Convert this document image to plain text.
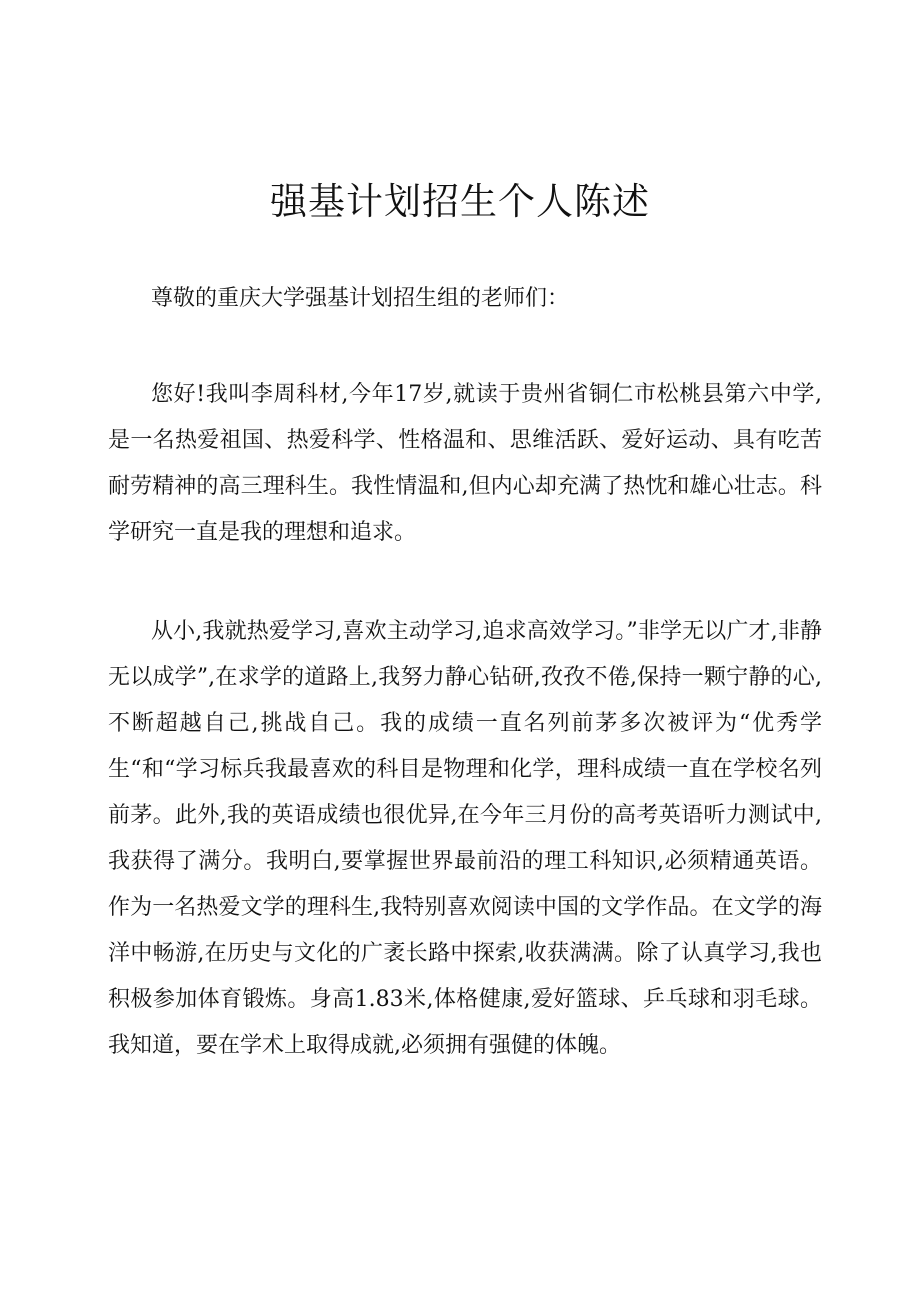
强基计划招生个人陈述

尊敬的重庆大学强基计划招生组的老师们：

您好!我叫李周科材,今年17岁,就读于贵州省铜仁市松桃县第六中学,是一名热爱祖国、热爱科学、性格温和、思维活跃、爱好运动、具有吃苦耐劳精神的高三理科生。我性情温和,但内心却充满了热忱和雄心壮志。科学研究一直是我的理想和追求。

从小,我就热爱学习,喜欢主动学习,追求高效学习。”非学无以广才,非静无以成学”,在求学的道路上,我努力静心钻研,孜孜不倦,保持一颗宁静的心,不断超越自己,挑战自己。我的成绩一直名列前茅多次被评为“优秀学生“和“学习标兵我最喜欢的科目是物理和化学，理科成绩一直在学校名列前茅。此外,我的英语成绩也很优异,在今年三月份的高考英语听力测试中,我获得了满分。我明白,要掌握世界最前沿的理工科知识,必须精通英语。作为一名热爱文学的理科生,我特别喜欢阅读中国的文学作品。在文学的海洋中畅游,在历史与文化的广袤长路中探索,收获满满。除了认真学习,我也积极参加体育锻炼。身高1.83米,体格健康,爱好篮球、乒乓球和羽毛球。我知道，要在学术上取得成就,必须拥有强健的体魄。
